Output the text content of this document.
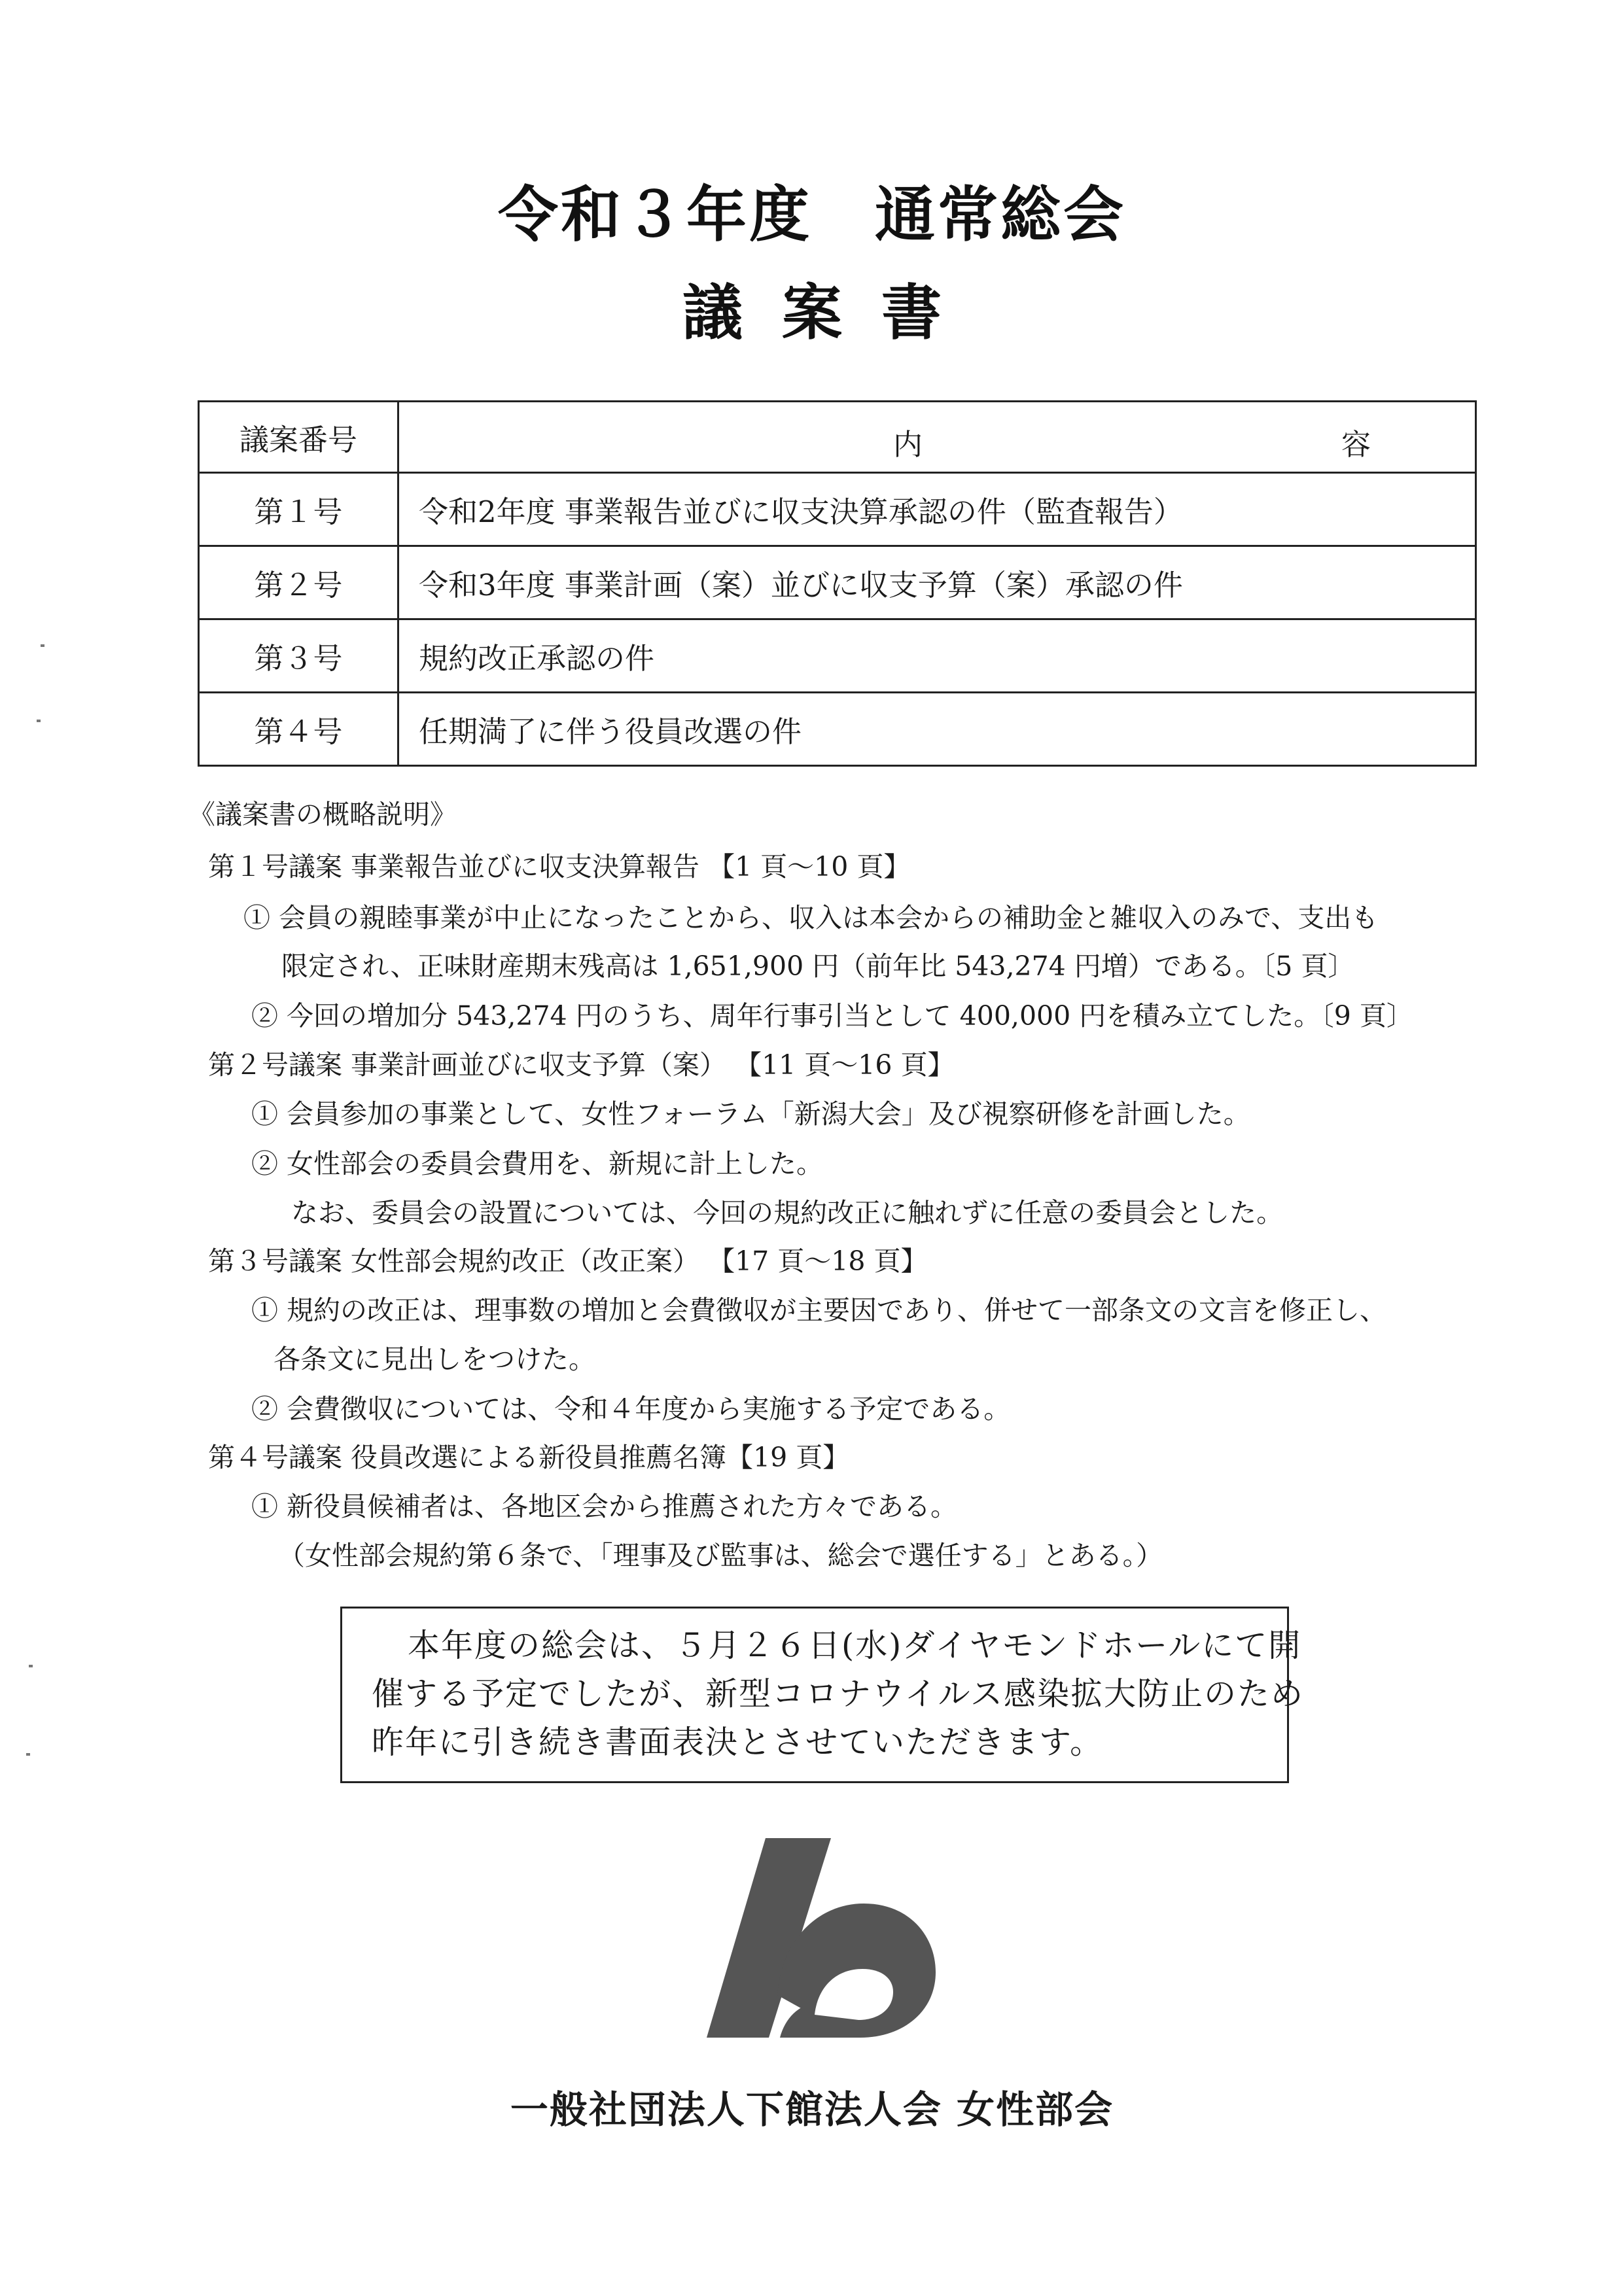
令和３年度　通常総会
議案書
議案番号	内 容

第１号	令和2年度 事業報告並びに収支決算承認の件（監査報告）
第２号	令和3年度 事業計画（案）並びに収支予算（案）承認の件
第３号	規約改正承認の件
第４号	任期満了に伴う役員改選の件
《議案書の概略説明》
第１号議案 事業報告並びに収支決算報告 【1 頁～10 頁】
① 会員の親睦事業が中止になったことから、収入は本会からの補助金と雑収入のみで、支出も
限定され、正味財産期末残高は 1,651,900 円（前年比 543,274 円増）である。〔5 頁〕
② 今回の増加分 543,274 円のうち、周年行事引当として 400,000 円を積み立てした。〔9 頁〕
第２号議案 事業計画並びに収支予算（案） 【11 頁～16 頁】
① 会員参加の事業として、女性フォーラム「新潟大会」及び視察研修を計画した。
② 女性部会の委員会費用を、新規に計上した。
なお、委員会の設置については、今回の規約改正に触れずに任意の委員会とした。
第３号議案 女性部会規約改正（改正案） 【17 頁～18 頁】
① 規約の改正は、理事数の増加と会費徴収が主要因であり、併せて一部条文の文言を修正し、
各条文に見出しをつけた。
② 会費徴収については、令和４年度から実施する予定である。
第４号議案 役員改選による新役員推薦名簿【19 頁】
① 新役員候補者は、各地区会から推薦された方々である。
（女性部会規約第６条で、「理事及び監事は、総会で選任する」とある。）
本年度の総会は、５月２６日(水)ダイヤモンドホールにて開
催する予定でしたが、新型コロナウイルス感染拡大防止のため
昨年に引き続き書面表決とさせていただきます。
一般社団法人下館法人会 女性部会
